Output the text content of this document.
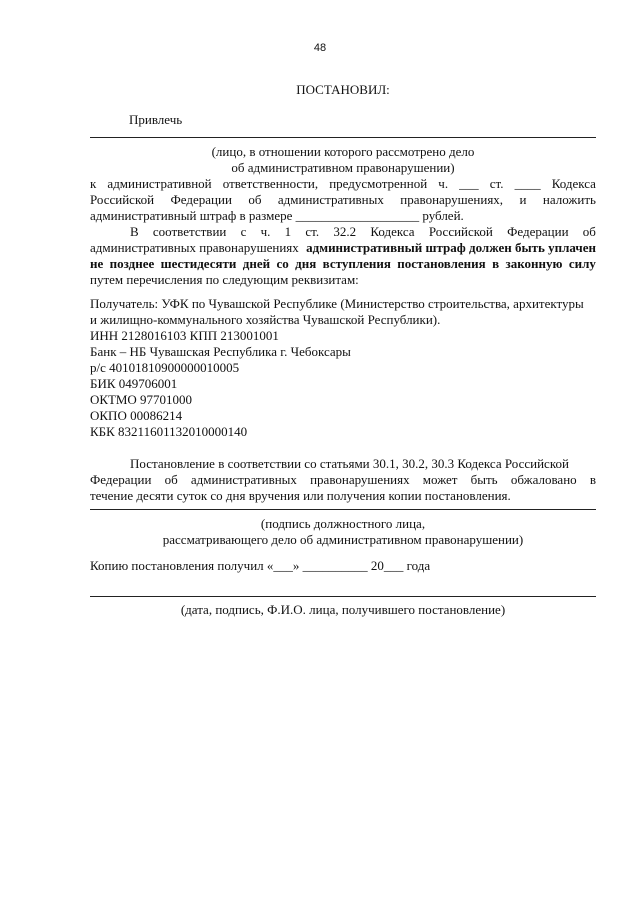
48
ПОСТАНОВИЛ:
Привлечь
(лицо, в отношении которого рассмотрено дело
об административном правонарушении)
к административной ответственности, предусмотренной ч. ___ ст. ____ Кодекса
Российской Федерации об административных правонарушениях, и наложить
административный штраф в размере ___________________ рублей.
В соответствии с ч. 1 ст. 32.2 Кодекса Российской Федерации об
административных правонарушениях административный штраф должен быть уплачен
не позднее шестидесяти дней со дня вступления постановления в законную силу
путем перечисления по следующим реквизитам:
Получатель: УФК по Чувашской Республике (Министерство строительства, архитектуры
и жилищно-коммунального хозяйства Чувашской Республики).
ИНН 2128016103 КПП 213001001
Банк – НБ Чувашская Республика г. Чебоксары
р/с 40101810900000010005
БИК 049706001
ОКТМО 97701000
ОКПО 00086214
КБК 83211601132010000140
Постановление в соответствии со статьями 30.1, 30.2, 30.3 Кодекса Российской
Федерации об административных правонарушениях может быть обжаловано в
течение десяти суток со дня вручения или получения копии постановления.
(подпись должностного лица,
рассматривающего дело об административном правонарушении)
Копию постановления получил «___» __________ 20___ года
(дата, подпись, Ф.И.О. лица, получившего постановление)
